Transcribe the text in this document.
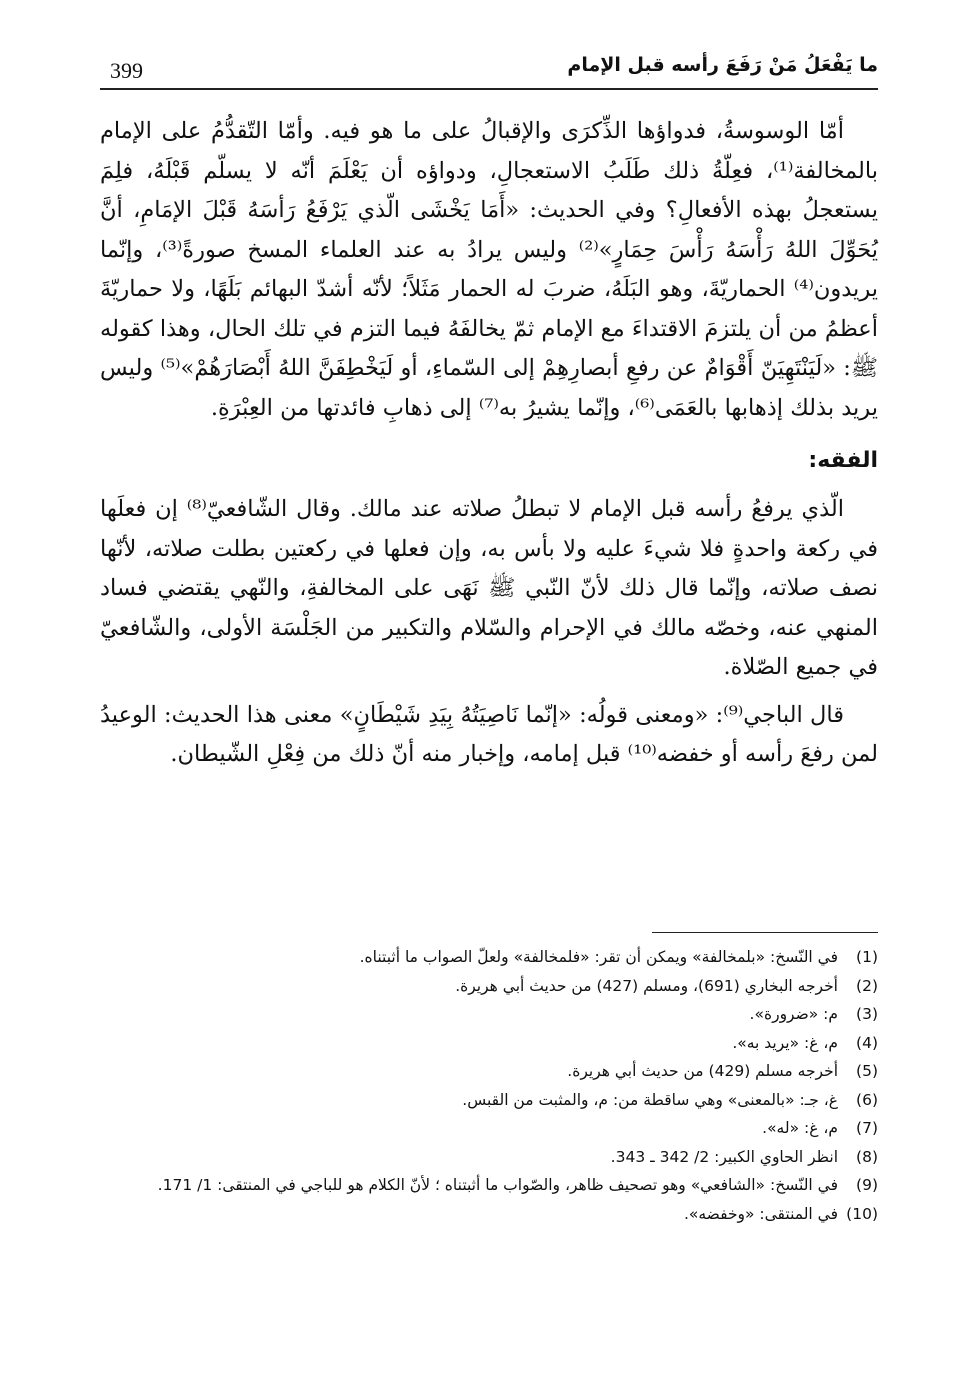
399	ما يَفْعَلُ مَنْ رَفَعَ رأسه قبل الإمام

أمّا الوسوسةُ، فدواؤها الذِّكرَى والإقبالُ على ما هو فيه. وأمّا التّقدُّمُ على الإمام بالمخالفة⁽¹⁾، فعِلّةُ ذلك طَلَبُ الاستعجالِ، ودواؤه أن يَعْلَمَ أنّه لا يسلّم قَبْلَهُ، فلِمَ يستعجلُ بهذه الأفعالِ؟ وفي الحديث: «أَمَا يَخْشَى الّذي يَرْفَعُ رَأسَهُ قَبْلَ الإمَامِ، أنَّ يُحَوِّلَ اللهُ رَأْسَهُ رَأْسَ حِمَارٍ»⁽²⁾ وليس يرادُ به عند العلماء المسخ صورةً⁽³⁾، وإنّما يريدون⁽⁴⁾ الحماريّةَ، وهو البَلَهُ، ضربَ له الحمار مَثَلاً؛ لأنّه أشدّ البهائم بَلَهًا، ولا حماريّةَ أعظمُ من أن يلتزمَ الاقتداءَ مع الإمام ثمّ يخالفَهُ فيما التزم في تلك الحال، وهذا كقوله ﷺ: «لَيَنْتَهِيَنّ أَقْوَامٌ عن رفعِ أبصارِهِمْ إلى السّماءِ، أو لَيَخْطِفَنَّ اللهُ أَبْصَارَهُمْ»⁽⁵⁾ وليس يريد بذلك إذهابها بالعَمَى⁽⁶⁾، وإنّما يشيرُ به⁽⁷⁾ إلى ذهابِ فائدتها من العِبْرَةِ.

الفقه:

الّذي يرفعُ رأسه قبل الإمام لا تبطلُ صلاته عند مالك. وقال الشّافعيّ⁽⁸⁾ إن فعلَها في ركعة واحدةٍ فلا شيءَ عليه ولا بأس به، وإن فعلها في ركعتين بطلت صلاته، لأنّها نصف صلاته، وإنّما قال ذلك لأنّ النّبي ﷺ نَهَى على المخالفةِ، والنّهي يقتضي فساد المنهي عنه، وخصّه مالك في الإحرام والسّلام والتكبير من الجَلْسَة الأولى، والشّافعيّ في جميع الصّلاة.

قال الباجي⁽⁹⁾: «ومعنى قولُه: «إنّما نَاصِيَتُهُ بِيَدِ شَيْطَانٍ» معنى هذا الحديث: الوعيدُ لمن رفعَ رأسه أو خفضه⁽¹⁰⁾ قبل إمامه، وإخبار منه أنّ ذلك من فِعْلِ الشّيطان.

(1)
في النّسخ: «بلمخالفة» ويمكن أن تقر: «فلمخالفة» ولعلّ الصواب ما أثبتناه.
(2)
أخرجه البخاري (691)، ومسلم (427) من حديث أبي هريرة.
(3)
م: «ضرورة».
(4)
م، غ: «يريد به».
(5)
أخرجه مسلم (429) من حديث أبي هريرة.
(6)
غ، جـ: «بالمعنى» وهي ساقطة من: م، والمثبت من القبس.
(7)
م، غ: «له».
(8)
انظر الحاوي الكبير: 2/ 342 ـ 343.
(9)
في النّسخ: «الشافعي» وهو تصحيف ظاهر، والصّواب ما أثبتناه ؛ لأنّ الكلام هو للباجي في المنتقى: 1/ 171.
(10)
في المنتقى: «وخفضه».
